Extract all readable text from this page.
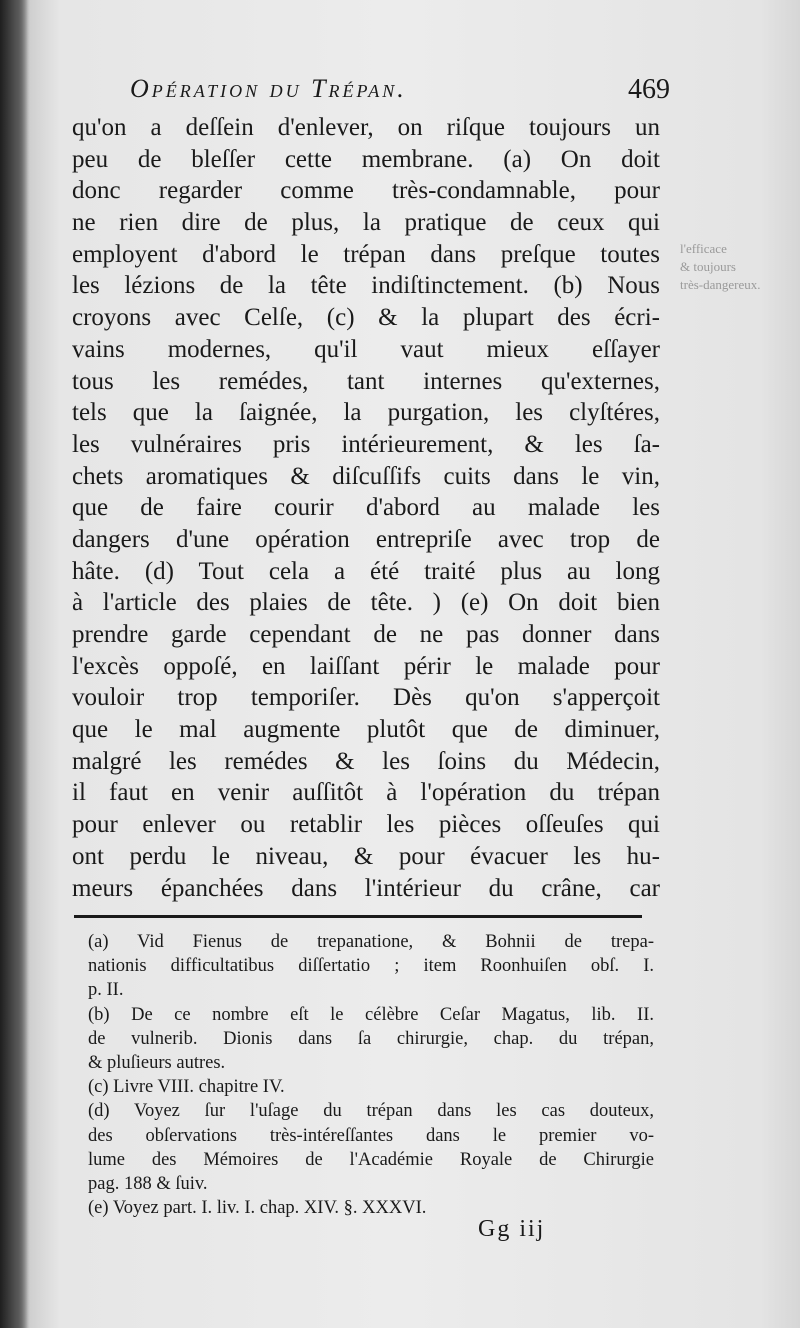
Opération du Trépan.	469
qu'on a deſſein d'enlever, on riſque toujours un
peu de bleſſer cette membrane. (a) On doit
donc regarder comme très-condamnable, pour
ne rien dire de plus, la pratique de ceux qui
employent d'abord le trépan dans preſque toutes
les lézions de la tête indiſtinctement. (b) Nous
croyons avec Celſe, (c) & la plupart des écri-
vains modernes, qu'il vaut mieux eſſayer
tous les remédes, tant internes qu'externes,
tels que la ſaignée, la purgation, les clyſtéres,
les vulnéraires pris intérieurement, & les ſa-
chets aromatiques & diſcuſſifs cuits dans le vin,
que de faire courir d'abord au malade les
dangers d'une opération entrepriſe avec trop de
hâte. (d) Tout cela a été traité plus au long
à l'article des plaies de tête. ) (e) On doit bien
prendre garde cependant de ne pas donner dans
l'excès oppoſé, en laiſſant périr le malade pour
vouloir trop temporiſer. Dès qu'on s'apperçoit
que le mal augmente plutôt que de diminuer,
malgré les remédes & les ſoins du Médecin,
il faut en venir auſſitôt à l'opération du trépan
pour enlever ou retablir les pièces oſſeuſes qui
ont perdu le niveau, & pour évacuer les hu-
meurs épanchées dans l'intérieur du crâne, car
(a) Vid Fienus de trepanatione, & Bohnii de trepa-
nationis difficultatibus diſſertatio ; item Roonhuiſen obſ. I.
p. II.
(b) De ce nombre eſt le célèbre Ceſar Magatus, lib. II.
de vulnerib. Dionis dans ſa chirurgie, chap. du trépan,
& pluſieurs autres.
(c) Livre VIII. chapitre IV.
(d) Voyez ſur l'uſage du trépan dans les cas douteux,
des obſervations très-intéreſſantes dans le premier vo-
lume des Mémoires de l'Académie Royale de Chirurgie
pag. 188 & ſuiv.
(e) Voyez part. I. liv. I. chap. XIV. §. XXXVI.
Gg iij
l'efficace
& toujours
très-dangereux.
